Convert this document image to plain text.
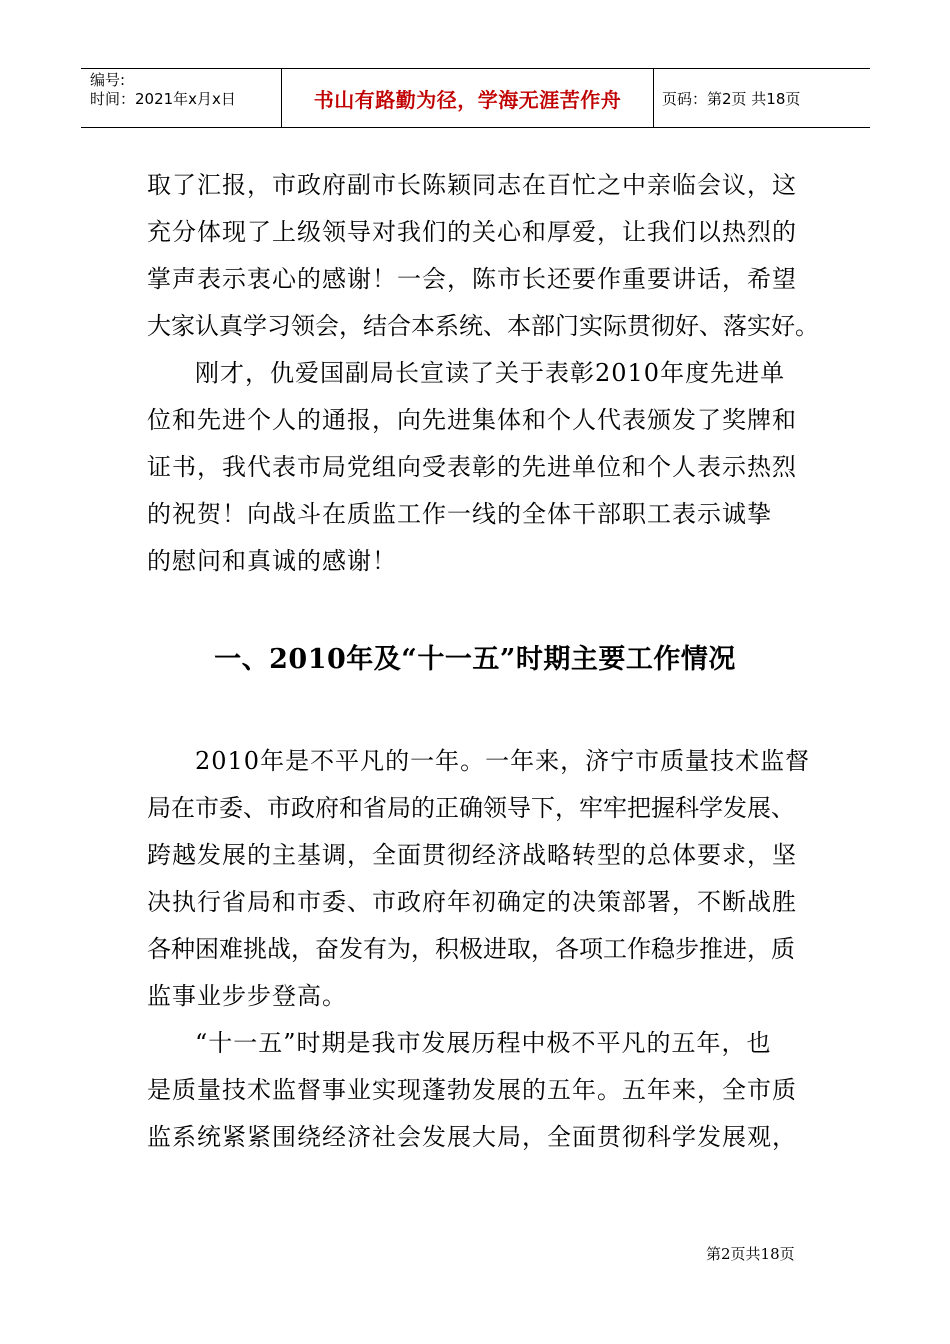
编号:
时间：2021年x月x日	书山有路勤为径，学海无涯苦作舟	页码：第2页 共18页

取了汇报，市政府副市长陈颖同志在百忙之中亲临会议，这

充分体现了上级领导对我们的关心和厚爱，让我们以热烈的

掌声表示衷心的感谢！一会，陈市长还要作重要讲话，希望

大家认真学习领会，结合本系统、本部门实际贯彻好、落实好。

刚才，仇爱国副局长宣读了关于表彰2010年度先进单

位和先进个人的通报，向先进集体和个人代表颁发了奖牌和

证书，我代表市局党组向受表彰的先进单位和个人表示热烈

的祝贺！向战斗在质监工作一线的全体干部职工表示诚挚

的慰问和真诚的感谢！

一、2010年及“十一五”时期主要工作情况

2010年是不平凡的一年。一年来，济宁市质量技术监督

局在市委、市政府和省局的正确领导下，牢牢把握科学发展、

跨越发展的主基调，全面贯彻经济战略转型的总体要求，坚

决执行省局和市委、市政府年初确定的决策部署，不断战胜

各种困难挑战，奋发有为，积极进取，各项工作稳步推进，质

监事业步步登高。

“十一五”时期是我市发展历程中极不平凡的五年，也

是质量技术监督事业实现蓬勃发展的五年。五年来，全市质

监系统紧紧围绕经济社会发展大局，全面贯彻科学发展观，

第2页共18页
